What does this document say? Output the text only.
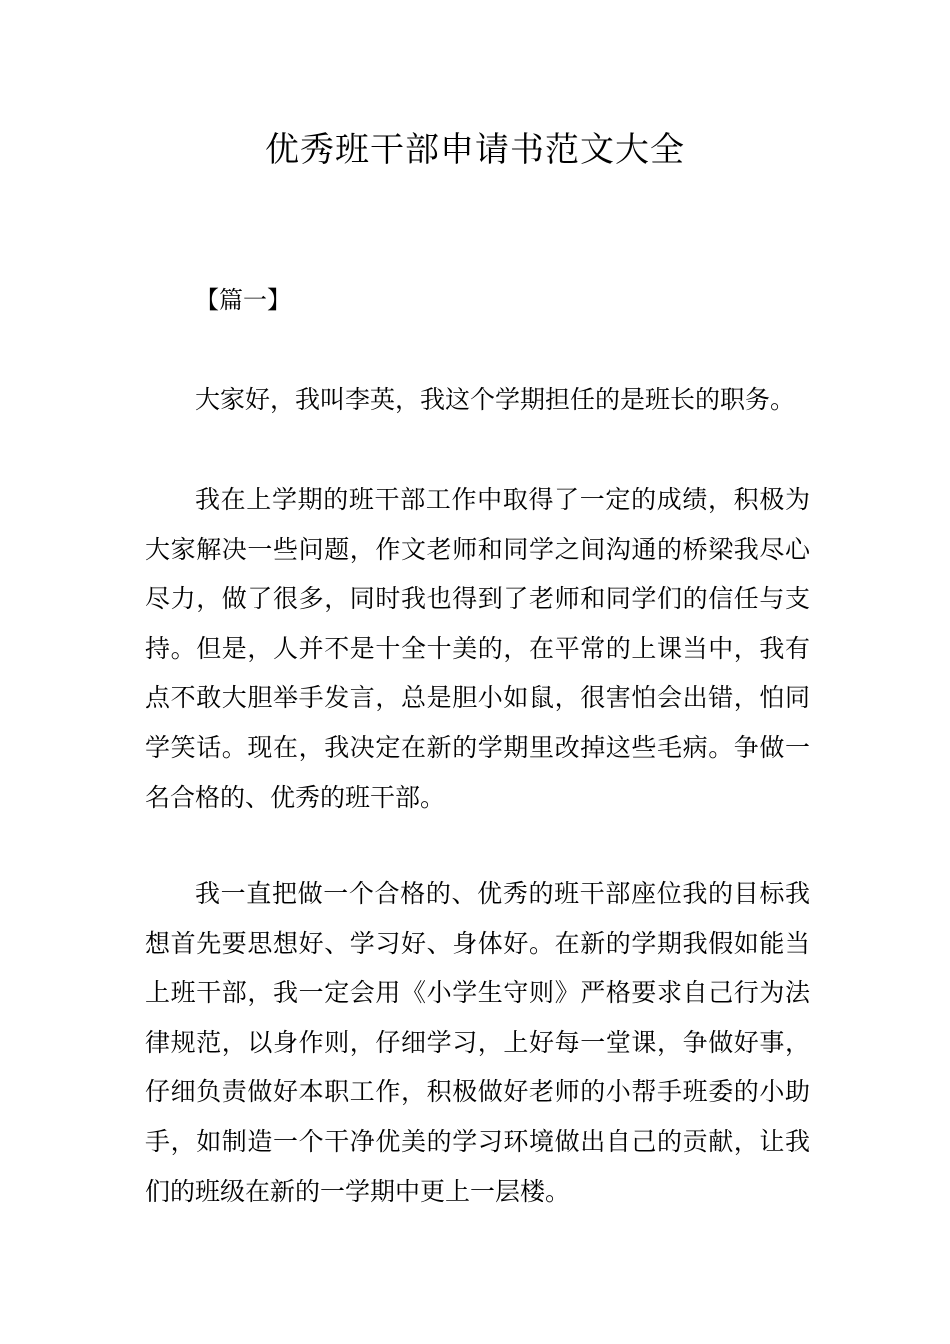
优秀班干部申请书范文大全
【篇一】

大家好，我叫李英，我这个学期担任的是班长的职务。

我在上学期的班干部工作中取得了一定的成绩，积极为大家解决一些问题，作文老师和同学之间沟通的桥梁我尽心尽力，做了很多，同时我也得到了老师和同学们的信任与支持。但是，人并不是十全十美的，在平常的上课当中，我有点不敢大胆举手发言，总是胆小如鼠，很害怕会出错，怕同学笑话。现在，我决定在新的学期里改掉这些毛病。争做一名合格的、优秀的班干部。

我一直把做一个合格的、优秀的班干部座位我的目标我想首先要思想好、学习好、身体好。在新的学期我假如能当上班干部，我一定会用《小学生守则》严格要求自己行为法律规范，以身作则，仔细学习，上好每一堂课，争做好事，仔细负责做好本职工作，积极做好老师的小帮手班委的小助手，如制造一个干净优美的学习环境做出自己的贡献，让我们的班级在新的一学期中更上一层楼。
